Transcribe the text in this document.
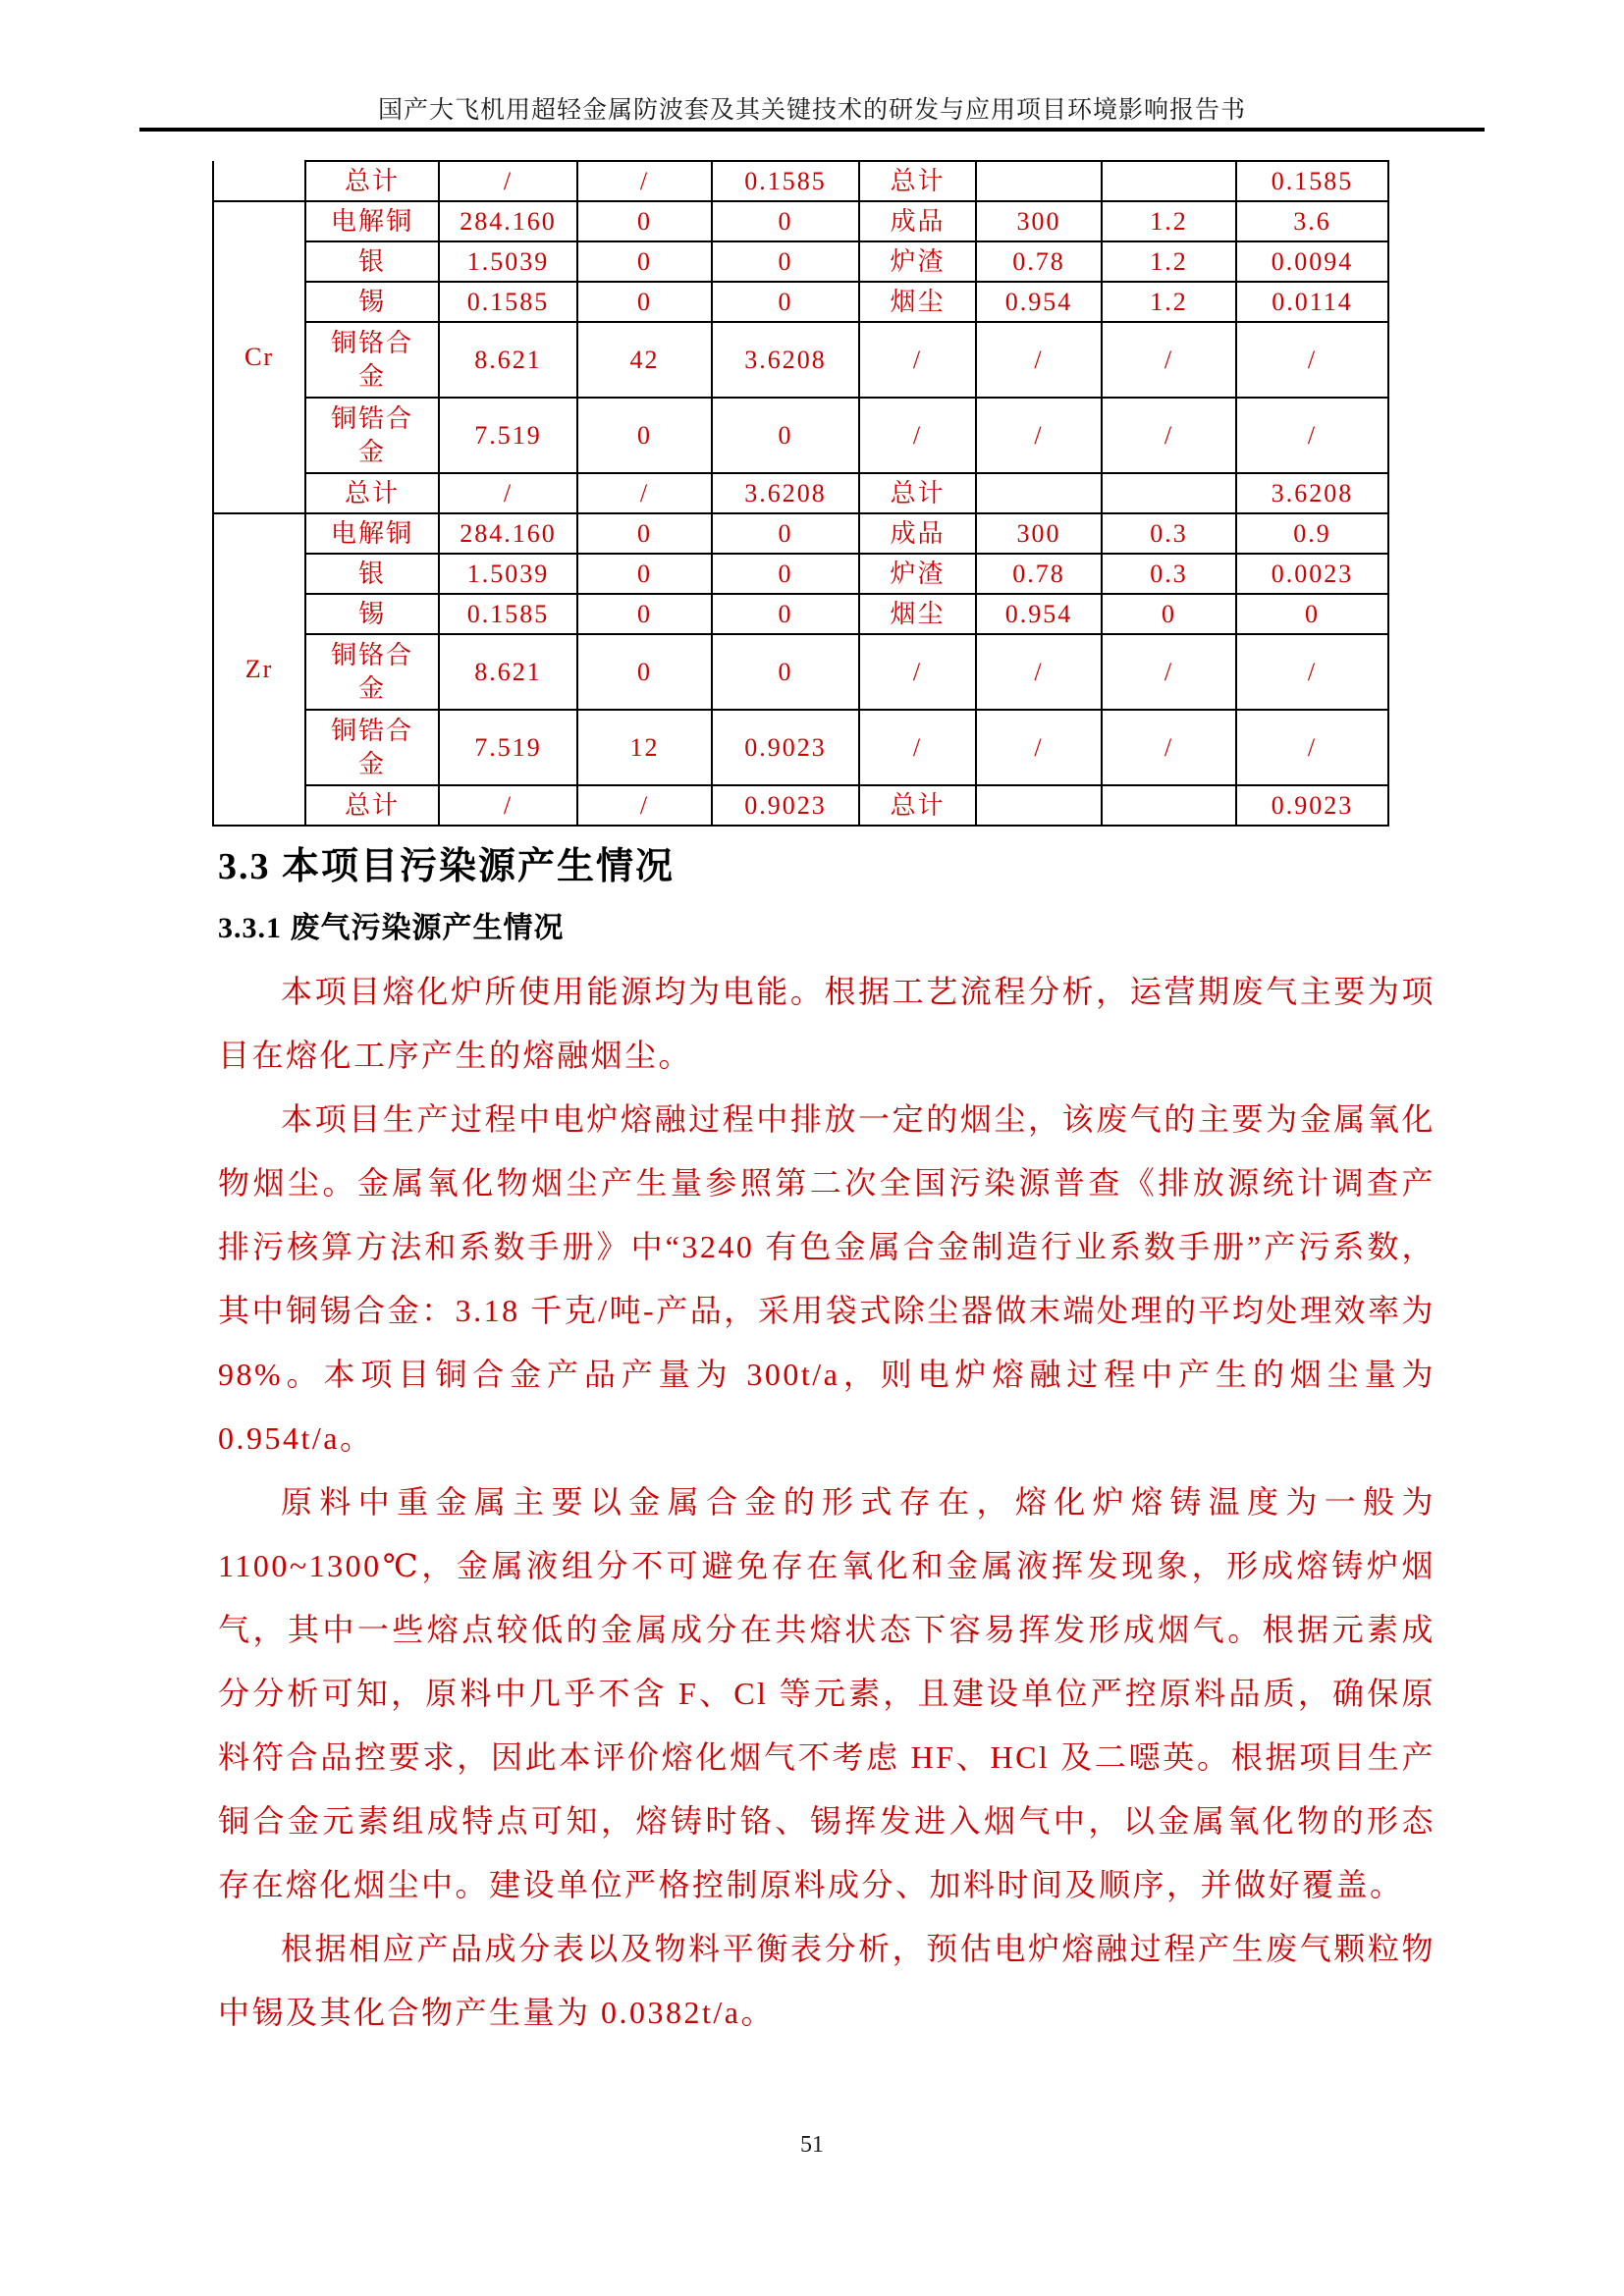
国产大飞机用超轻金属防波套及其关键技术的研发与应用项目环境影响报告书
	总计	/	/	0.1585	总计			0.1585
Cr	电解铜	284.160	0	0	成品	300	1.2	3.6
	银	1.5039	0	0	炉渣	0.78	1.2	0.0094
	锡	0.1585	0	0	烟尘	0.954	1.2	0.0114
	铜铬合金	8.621	42	3.6208	/	/	/	/
	铜锆合金	7.519	0	0	/	/	/	/
	总计	/	/	3.6208	总计			3.6208
Zr	电解铜	284.160	0	0	成品	300	0.3	0.9
	银	1.5039	0	0	炉渣	0.78	0.3	0.0023
	锡	0.1585	0	0	烟尘	0.954	0	0
	铜铬合金	8.621	0	0	/	/	/	/
	铜锆合金	7.519	12	0.9023	/	/	/	/
	总计	/	/	0.9023	总计			0.9023
3.3 本项目污染源产生情况
3.3.1 废气污染源产生情况

本项目熔化炉所使用能源均为电能。根据工艺流程分析，运营期废气主要为项目在熔化工序产生的熔融烟尘。

本项目生产过程中电炉熔融过程中排放一定的烟尘，该废气的主要为金属氧化物烟尘。金属氧化物烟尘产生量参照第二次全国污染源普查《排放源统计调查产排污核算方法和系数手册》中“3240 有色金属合金制造行业系数手册”产污系数，其中铜锡合金：3.18 千克/吨-产品，采用袋式除尘器做末端处理的平均处理效率为 98%。本项目铜合金产品产量为 300t/a，则电炉熔融过程中产生的烟尘量为 0.954t/a。

原料中重金属主要以金属合金的形式存在，熔化炉熔铸温度为一般为 1100~1300℃，金属液组分不可避免存在氧化和金属液挥发现象，形成熔铸炉烟气，其中一些熔点较低的金属成分在共熔状态下容易挥发形成烟气。根据元素成分分析可知，原料中几乎不含 F、Cl 等元素，且建设单位严控原料品质，确保原料符合品控要求，因此本评价熔化烟气不考虑 HF、HCl 及二噁英。根据项目生产铜合金元素组成特点可知，熔铸时铬、锡挥发进入烟气中，以金属氧化物的形态存在熔化烟尘中。建设单位严格控制原料成分、加料时间及顺序，并做好覆盖。

根据相应产品成分表以及物料平衡表分析，预估电炉熔融过程产生废气颗粒物中锡及其化合物产生量为 0.0382t/a。

51
